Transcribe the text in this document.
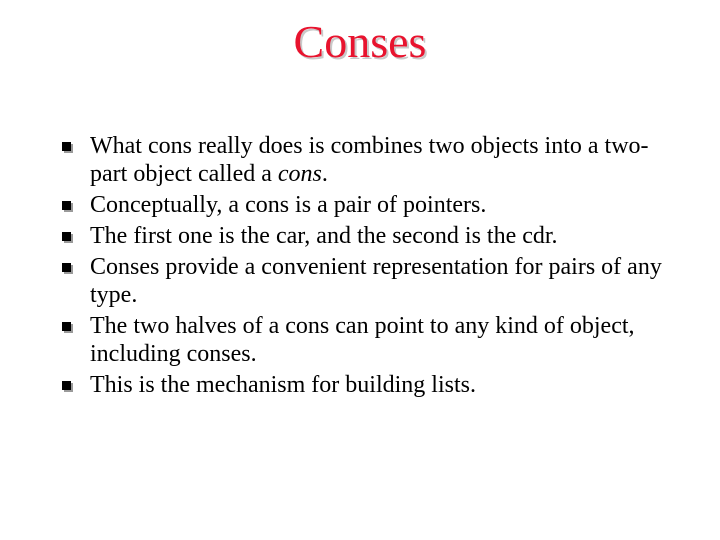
Conses
What cons really does is combines two objects into a two-part object called a cons.
Conceptually, a cons is a pair of pointers.
The first one is the car, and the second is the cdr.
Conses provide a convenient representation for pairs of any type.
The two halves of a cons can point to any kind of object, including conses.
This is the mechanism for building lists.
